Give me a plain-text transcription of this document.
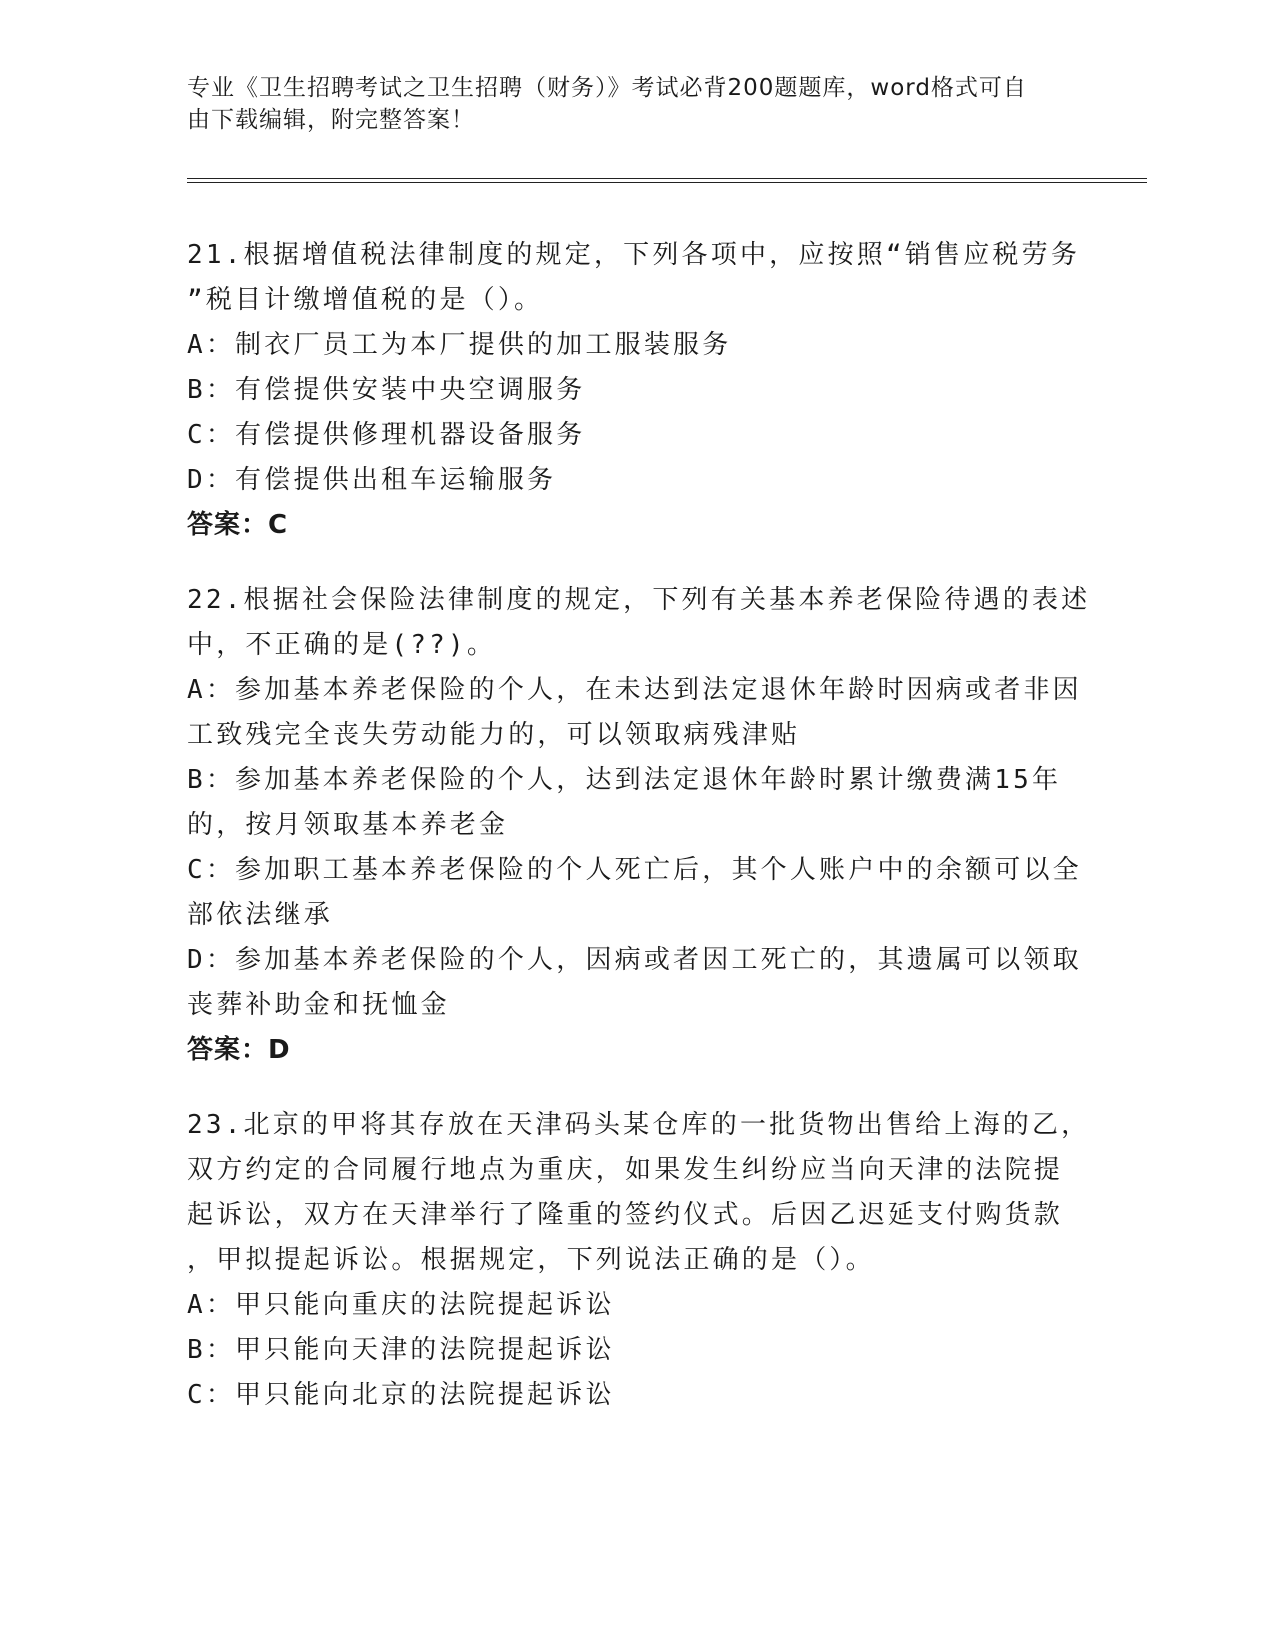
专业《卫生招聘考试之卫生招聘（财务）》考试必背200题题库，word格式可自
由下载编辑，附完整答案！
21.根据增值税法律制度的规定，下列各项中，应按照“销售应税劳务
”税目计缴增值税的是（）。
A：制衣厂员工为本厂提供的加工服装服务
B：有偿提供安装中央空调服务
C：有偿提供修理机器设备服务
D：有偿提供出租车运输服务
答案：C
22.根据社会保险法律制度的规定，下列有关基本养老保险待遇的表述
中，不正确的是(??)。
A：参加基本养老保险的个人，在未达到法定退休年龄时因病或者非因
工致残完全丧失劳动能力的，可以领取病残津贴
B：参加基本养老保险的个人，达到法定退休年龄时累计缴费满15年
的，按月领取基本养老金
C：参加职工基本养老保险的个人死亡后，其个人账户中的余额可以全
部依法继承
D：参加基本养老保险的个人，因病或者因工死亡的，其遗属可以领取
丧葬补助金和抚恤金
答案：D
23.北京的甲将其存放在天津码头某仓库的一批货物出售给上海的乙，
双方约定的合同履行地点为重庆，如果发生纠纷应当向天津的法院提
起诉讼，双方在天津举行了隆重的签约仪式。后因乙迟延支付购货款
，甲拟提起诉讼。根据规定，下列说法正确的是（）。
A：甲只能向重庆的法院提起诉讼
B：甲只能向天津的法院提起诉讼
C：甲只能向北京的法院提起诉讼
